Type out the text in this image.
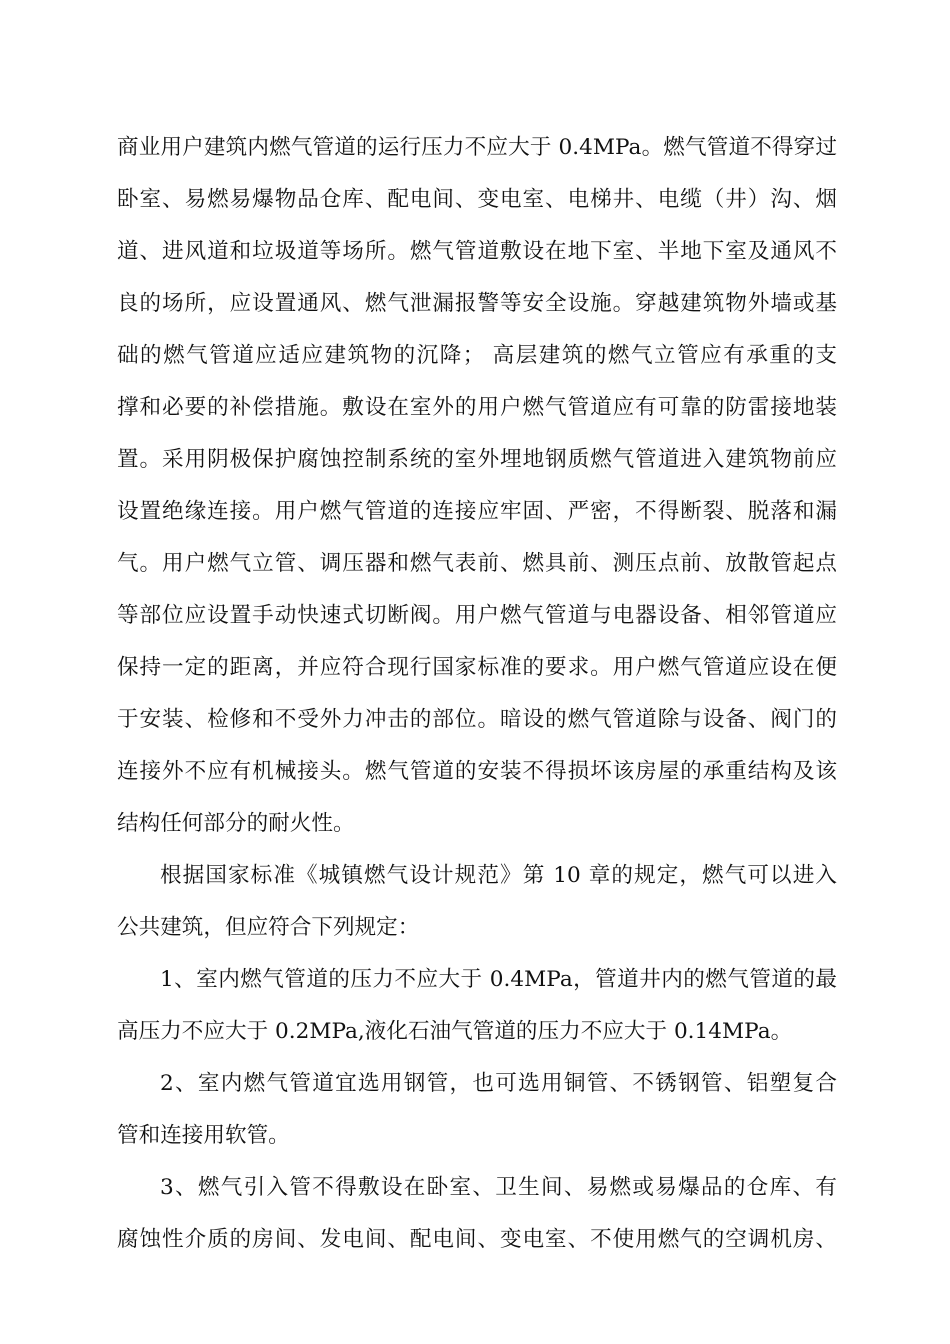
商业用户建筑内燃气管道的运行压力不应大于 0.4MPa。燃气管道不得穿过
卧室、易燃易爆物品仓库、配电间、变电室、电梯井、电缆（井）沟、烟
道、进风道和垃圾道等场所。燃气管道敷设在地下室、半地下室及通风不
良的场所，应设置通风、燃气泄漏报警等安全设施。穿越建筑物外墙或基
础的燃气管道应适应建筑物的沉降； 高层建筑的燃气立管应有承重的支
撑和必要的补偿措施。敷设在室外的用户燃气管道应有可靠的防雷接地装
置。采用阴极保护腐蚀控制系统的室外埋地钢质燃气管道进入建筑物前应
设置绝缘连接。用户燃气管道的连接应牢固、严密，不得断裂、脱落和漏
气。用户燃气立管、调压器和燃气表前、燃具前、测压点前、放散管起点
等部位应设置手动快速式切断阀。用户燃气管道与电器设备、相邻管道应
保持一定的距离，并应符合现行国家标准的要求。用户燃气管道应设在便
于安装、检修和不受外力冲击的部位。暗设的燃气管道除与设备、阀门的
连接外不应有机械接头。燃气管道的安装不得损坏该房屋的承重结构及该
结构任何部分的耐火性。
根据国家标准《城镇燃气设计规范》第 10 章的规定，燃气可以进入
公共建筑，但应符合下列规定：
1、室内燃气管道的压力不应大于 0.4MPa，管道井内的燃气管道的最
高压力不应大于 0.2MPa,液化石油气管道的压力不应大于 0.14MPa。
2、室内燃气管道宜选用钢管，也可选用铜管、不锈钢管、铝塑复合
管和连接用软管。
3、燃气引入管不得敷设在卧室、卫生间、易燃或易爆品的仓库、有
腐蚀性介质的房间、发电间、配电间、变电室、不使用燃气的空调机房、
